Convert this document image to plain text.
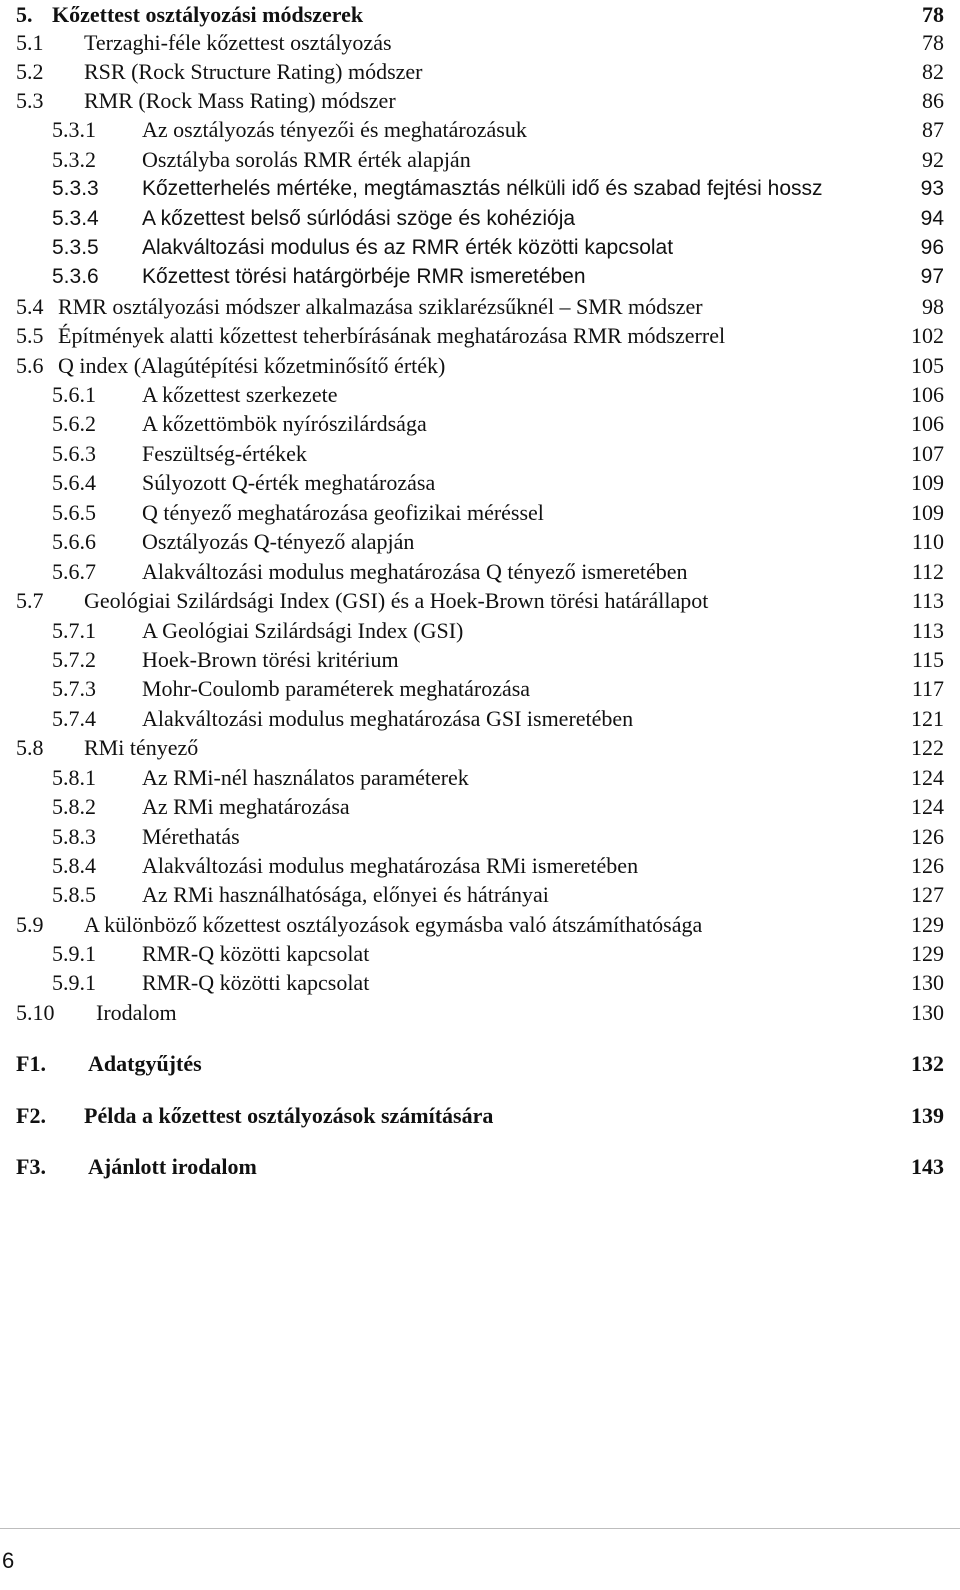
5. Kőzettest osztályozási módszerek	78
5.1 Terzaghi-féle kőzettest osztályozás	78
5.2 RSR (Rock Structure Rating) módszer	82
5.3 RMR (Rock Mass Rating) módszer	86
5.3.1 Az osztályozás tényezői és meghatározásuk	87
5.3.2 Osztályba sorolás RMR érték alapján	92
5.3.3 Kőzetterhelés mértéke, megtámasztás nélküli idő és szabad fejtési hossz	93
5.3.4 A kőzettest belső súrlódási szöge és kohéziója	94
5.3.5 Alakváltozási modulus és az RMR érték közötti kapcsolat	96
5.3.6 Kőzettest törési határgörbéje RMR ismeretében	97
5.4 RMR osztályozási módszer alkalmazása sziklarézsűknél – SMR módszer	98
5.5 Építmények alatti kőzettest teherbírásának meghatározása RMR módszerrel	102
5.6 Q index (Alagútépítési kőzetminősítő érték)	105
5.6.1 A kőzettest szerkezete	106
5.6.2 A kőzettömbök nyírószilárdsága	106
5.6.3 Feszültség-értékek	107
5.6.4 Súlyozott Q-érték meghatározása	109
5.6.5 Q tényező meghatározása geofizikai méréssel	109
5.6.6 Osztályozás Q-tényező alapján	110
5.6.7 Alakváltozási modulus meghatározása Q tényező ismeretében	112
5.7 Geológiai Szilárdsági Index (GSI) és a Hoek-Brown törési határállapot	113
5.7.1 A Geológiai Szilárdsági Index (GSI)	113
5.7.2 Hoek-Brown törési kritérium	115
5.7.3 Mohr-Coulomb paraméterek meghatározása	117
5.7.4 Alakváltozási modulus meghatározása GSI ismeretében	121
5.8 RMi tényező	122
5.8.1 Az RMi-nél használatos paraméterek	124
5.8.2 Az RMi meghatározása	124
5.8.3 Mérethatás	126
5.8.4 Alakváltozási modulus meghatározása RMi ismeretében	126
5.8.5 Az RMi használhatósága, előnyei és hátrányai	127
5.9 A különböző kőzettest osztályozások egymásba való átszámíthatósága	129
5.9.1 RMR-Q közötti kapcsolat	129
5.9.1 RMR-Q közötti kapcsolat	130
5.10 Irodalom	130
F1. Adatgyűjtés	132
F2. Példa a kőzettest osztályozások számítására	139
F3. Ajánlott irodalom	143
6
